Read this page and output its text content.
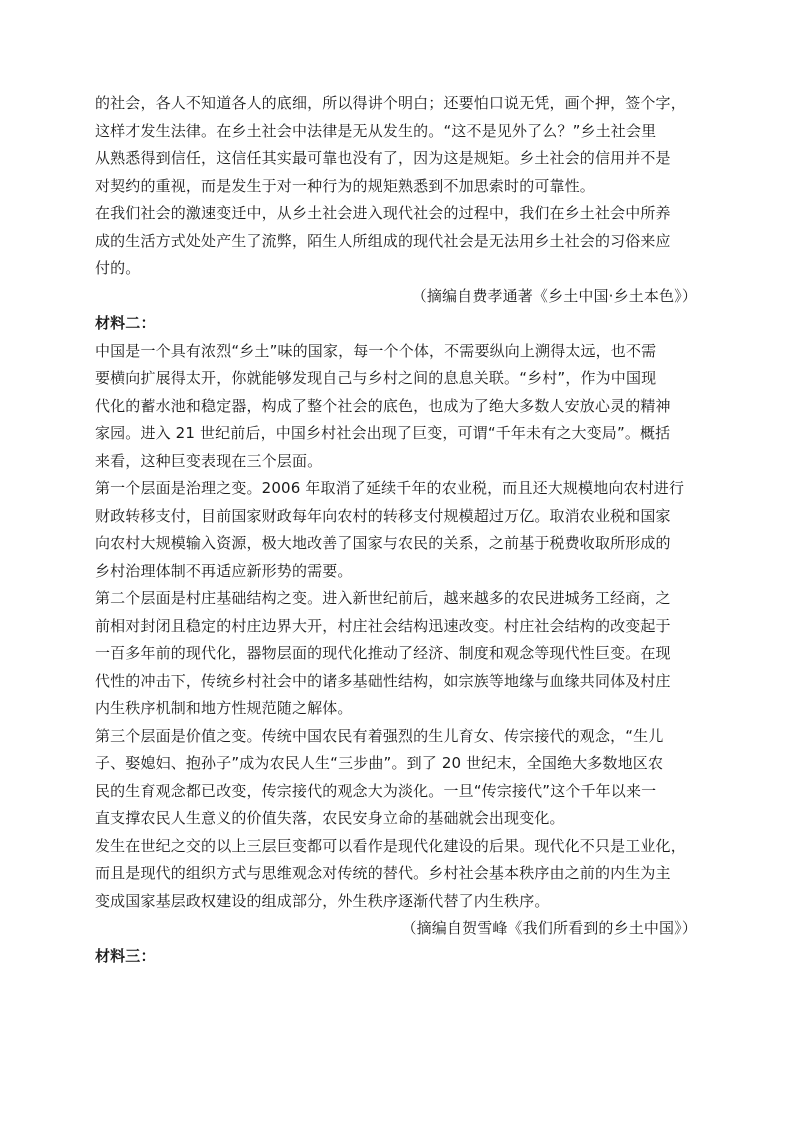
的社会，各人不知道各人的底细，所以得讲个明白；还要怕口说无凭，画个押，签个字，
这样才发生法律。在乡土社会中法律是无从发生的。“这不是见外了么？”乡土社会里
从熟悉得到信任，这信任其实最可靠也没有了，因为这是规矩。乡土社会的信用并不是
对契约的重视，而是发生于对一种行为的规矩熟悉到不加思索时的可靠性。
在我们社会的激速变迁中，从乡土社会进入现代社会的过程中，我们在乡土社会中所养
成的生活方式处处产生了流弊，陌生人所组成的现代社会是无法用乡土社会的习俗来应
付的。
（摘编自费孝通著《乡土中国·乡土本色》）
材料二：
中国是一个具有浓烈“乡土”味的国家，每一个个体，不需要纵向上溯得太远，也不需
要横向扩展得太开，你就能够发现自己与乡村之间的息息关联。“乡村”，作为中国现
代化的蓄水池和稳定器，构成了整个社会的底色，也成为了绝大多数人安放心灵的精神
家园。进入 21 世纪前后，中国乡村社会出现了巨变，可谓“千年未有之大变局”。概括
来看，这种巨变表现在三个层面。
第一个层面是治理之变。2006 年取消了延续千年的农业税，而且还大规模地向农村进行
财政转移支付，目前国家财政每年向农村的转移支付规模超过万亿。取消农业税和国家
向农村大规模输入资源，极大地改善了国家与农民的关系，之前基于税费收取所形成的
乡村治理体制不再适应新形势的需要。
第二个层面是村庄基础结构之变。进入新世纪前后，越来越多的农民进城务工经商，之
前相对封闭且稳定的村庄边界大开，村庄社会结构迅速改变。村庄社会结构的改变起于
一百多年前的现代化，器物层面的现代化推动了经济、制度和观念等现代性巨变。在现
代性的冲击下，传统乡村社会中的诸多基础性结构，如宗族等地缘与血缘共同体及村庄
内生秩序机制和地方性规范随之解体。
第三个层面是价值之变。传统中国农民有着强烈的生儿育女、传宗接代的观念，“生儿
子、娶媳妇、抱孙子”成为农民人生“三步曲”。到了 20 世纪末，全国绝大多数地区农
民的生育观念都已改变，传宗接代的观念大为淡化。一旦“传宗接代”这个千年以来一
直支撑农民人生意义的价值失落，农民安身立命的基础就会出现变化。
发生在世纪之交的以上三层巨变都可以看作是现代化建设的后果。现代化不只是工业化，
而且是现代的组织方式与思维观念对传统的替代。乡村社会基本秩序由之前的内生为主
变成国家基层政权建设的组成部分，外生秩序逐渐代替了内生秩序。
（摘编自贺雪峰《我们所看到的乡土中国》）
材料三：
